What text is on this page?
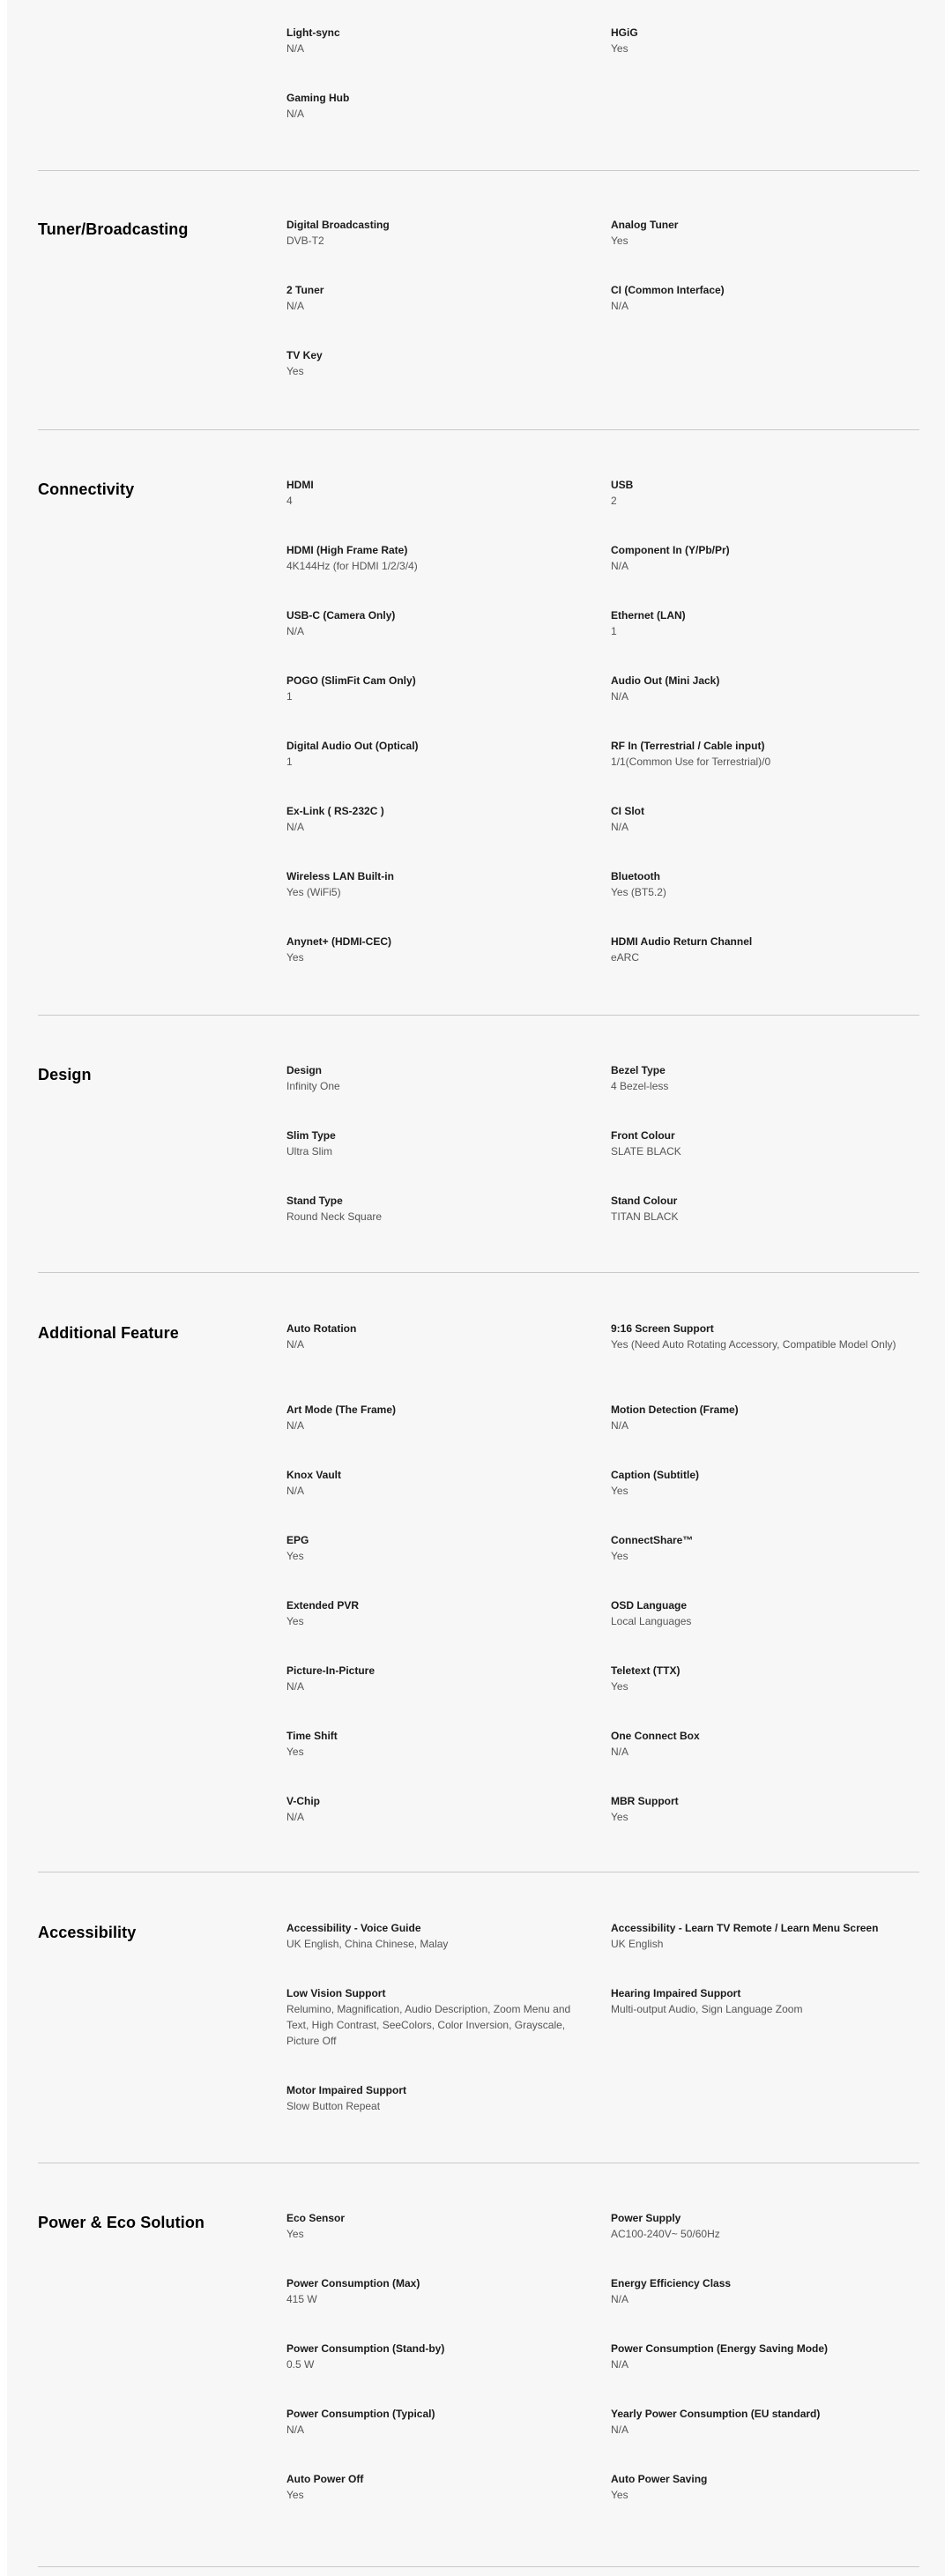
Light-sync
N/A
HGiG
Yes
Gaming Hub
N/A
Tuner/Broadcasting	Digital Broadcasting
DVB-T2
Analog Tuner
Yes
2 Tuner
N/A
CI (Common Interface)
N/A
TV Key
Yes
Connectivity	HDMI
4
USB
2
HDMI (High Frame Rate)
4K144Hz (for HDMI 1/2/3/4)
Component In (Y/Pb/Pr)
N/A
USB-C (Camera Only)
N/A
Ethernet (LAN)
1
POGO (SlimFit Cam Only)
1
Audio Out (Mini Jack)
N/A
Digital Audio Out (Optical)
1
RF In (Terrestrial / Cable input)
1/1(Common Use for Terrestrial)/0
Ex-Link ( RS-232C )
N/A
CI Slot
N/A
Wireless LAN Built-in
Yes (WiFi5)
Bluetooth
Yes (BT5.2)
Anynet+ (HDMI-CEC)
Yes
HDMI Audio Return Channel
eARC
Design	Design
Infinity One
Bezel Type
4 Bezel-less
Slim Type
Ultra Slim
Front Colour
SLATE BLACK
Stand Type
Round Neck Square
Stand Colour
TITAN BLACK
Additional Feature	Auto Rotation
N/A
9:16 Screen Support
Yes (Need Auto Rotating Accessory, Compatible Model Only)
Art Mode (The Frame)
N/A
Motion Detection (Frame)
N/A
Knox Vault
N/A
Caption (Subtitle)
Yes
EPG
Yes
ConnectShare™
Yes
Extended PVR
Yes
OSD Language
Local Languages
Picture-In-Picture
N/A
Teletext (TTX)
Yes
Time Shift
Yes
One Connect Box
N/A
V-Chip
N/A
MBR Support
Yes
Accessibility	Accessibility - Voice Guide
UK English, China Chinese, Malay
Accessibility - Learn TV Remote / Learn Menu Screen
UK English
Low Vision Support
Relumino, Magnification, Audio Description, Zoom Menu and Text, High Contrast, SeeColors, Color Inversion, Grayscale, Picture Off
Hearing Impaired Support
Multi-output Audio, Sign Language Zoom
Motor Impaired Support
Slow Button Repeat
Power & Eco Solution	Eco Sensor
Yes
Power Supply
AC100-240V~ 50/60Hz
Power Consumption (Max)
415 W
Energy Efficiency Class
N/A
Power Consumption (Stand-by)
0.5 W
Power Consumption (Energy Saving Mode)
N/A
Power Consumption (Typical)
N/A
Yearly Power Consumption (EU standard)
N/A
Auto Power Off
Yes
Auto Power Saving
Yes
